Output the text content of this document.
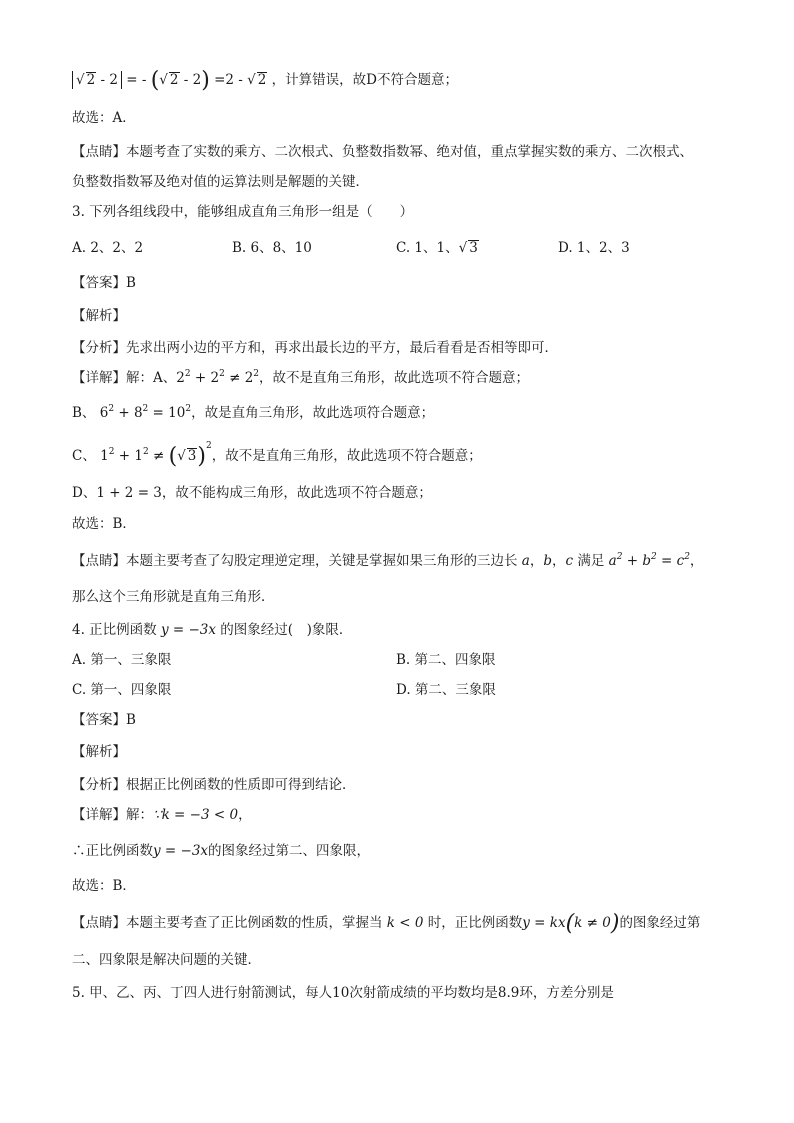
√ 2 - 2 = - (√ 2 - 2) =2 - √ 2 ，计算错误，故D不符合题意；
故选：A．
【点睛】本题考查了实数的乘方、二次根式、负整数指数幂、绝对值，重点掌握实数的乘方、二次根式、
负整数指数幂及绝对值的运算法则是解题的关键．
3. 下列各组线段中，能够组成直角三角形一组是（　　）
A. 2、2、2	B. 6、8、10	C. 1、1、√ 3	D. 1、2、3
【答案】B
【解析】
【分析】先求出两小边的平方和，再求出最长边的平方，最后看看是否相等即可．
【详解】解：A、$2^2 + 2^2 \ne 2^2$，故不是直角三角形，故此选项不符合题意；
B、 $6^2 + 8^2 = 10^2$，故是直角三角形，故此选项符合题意；
C、 $1^2 + 1^2$ ≠ (√ 3)$^2$，故不是直角三角形，故此选项不符合题意；
D、1 + 2 = 3，故不能构成三角形，故此选项不符合题意；
故选：B．
【点睛】本题主要考查了勾股定理逆定理，关键是掌握如果三角形的三边长 a，b，c 满足 $a^2 + b^2 = c^2$，
那么这个三角形就是直角三角形．
4. 正比例函数 y = −3x 的图象经过(　)象限．
A. 第一、三象限	B. 第二、四象限
C. 第一、四象限	D. 第二、三象限
【答案】B
【解析】
【分析】根据正比例函数的性质即可得到结论．
【详解】解：∵k = −3 < 0，
∴正比例函数y = −3x的图象经过第二、四象限，
故选：B．
【点睛】本题主要考查了正比例函数的性质，掌握当 k < 0 时，正比例函数y = kx(k ≠ 0)的图象经过第
二、四象限是解决问题的关键．
5. 甲、乙、丙、丁四人进行射箭测试，每人10次射箭成绩的平均数均是8.9环，方差分别是
